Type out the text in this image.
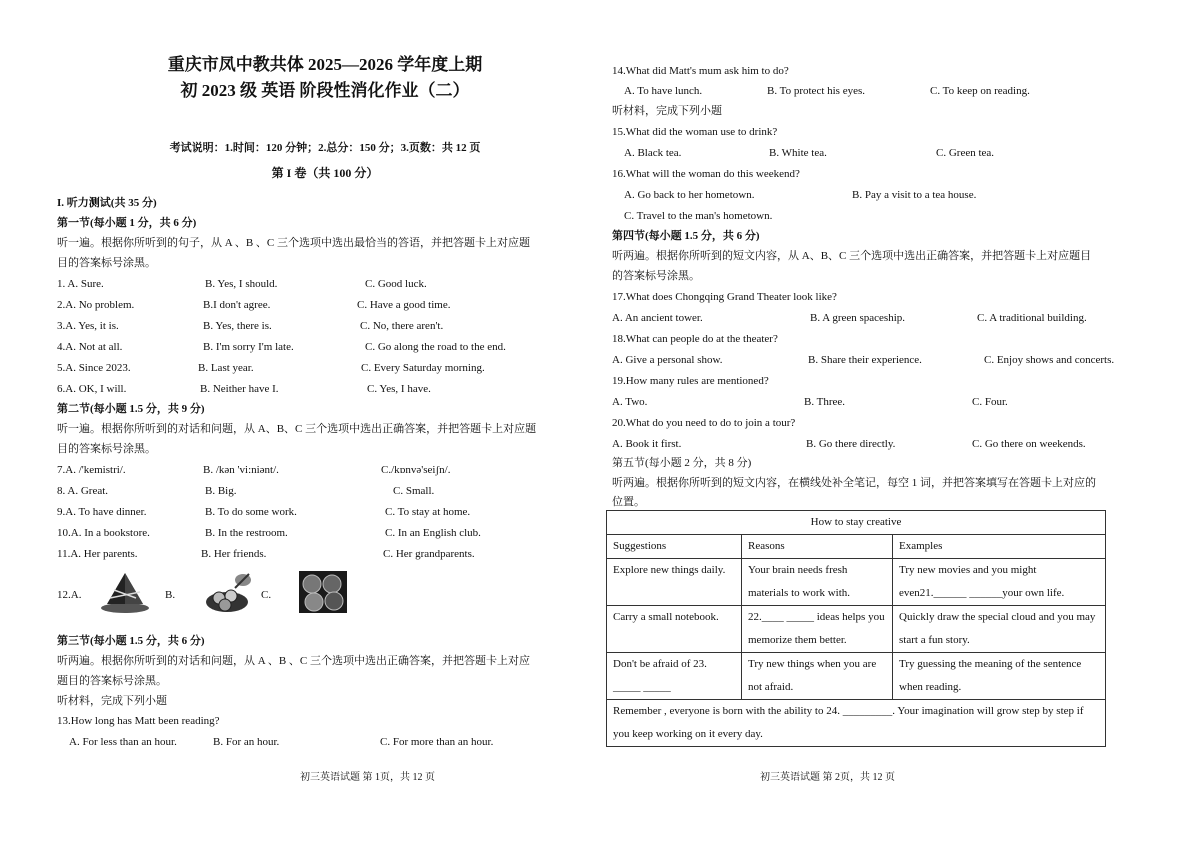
重庆市凤中教共体 2025—2026 学年度上期
初 2023 级 英语 阶段性消化作业（二）
考试说明：1.时间：120 分钟；2.总分：150 分；3.页数：共 12 页
第 I 卷（共 100 分）
I. 听力测试(共 35 分)
第一节(每小题 1 分，共 6 分)
听一遍。根据你所听到的句子，从 A 、B 、C 三个选项中选出最恰当的答语，并把答题卡上对应题
目的答案标号涂黑。
1. A. Sure.	B. Yes, I should.	C. Good luck.
2.A. No problem.	B.I don't agree.	C. Have a good time.
3.A. Yes, it is.	B. Yes, there is.	C. No, there aren't.
4.A. Not at all.	B. I'm sorry I'm late.	C. Go along the road to the end.
5.A. Since 2023.	B. Last year.	C. Every Saturday morning.
6.A. OK, I will.	B. Neither have I.	C. Yes, I have.
第二节(每小题 1.5 分，共 9 分)
听一遍。根据你所听到的对话和问题，从 A、B、C 三个选项中选出正确答案，并把答题卡上对应题
目的答案标号涂黑。
7.A. /'kemistri/.	B. /kən 'vi:niənt/.	C./kɒnvə'seiʃn/.
8. A. Great.	B. Big.	C. Small.
9.A. To have dinner.	B. To do some work.	C. To stay at home.
10.A. In a bookstore.	B. In the restroom.	C. In an English club.
11.A. Her parents.	B. Her friends.	C. Her grandparents.
12.A.	B.	C.
第三节(每小题 1.5 分，共 6 分)
听两遍。根据你所听到的对话和问题，从 A 、B 、C 三个选项中选出正确答案，并把答题卡上对应
题目的答案标号涂黑。
听材料，完成下列小题
13.How long has Matt been reading?
A. For less than an hour.	B. For an hour.	C. For more than an hour.
初三英语试题 第 1页，共 12 页
14.What did Matt's mum ask him to do?
A. To have lunch.	B. To protect his eyes.	C. To keep on reading.
听材料，完成下列小题
15.What did the woman use to drink?
A. Black tea.	B. White tea.	C. Green tea.
16.What will the woman do this weekend?
A. Go back to her hometown.	B. Pay a visit to a tea house.
C. Travel to the man's hometown.
第四节(每小题 1.5 分，共 6 分)
听两遍。根据你所听到的短文内容，从 A、B、C 三个选项中选出正确答案，并把答题卡上对应题目
的答案标号涂黑。
17.What does Chongqing Grand Theater look like?
A. An ancient tower.	B. A green spaceship.	C. A traditional building.
18.What can people do at the theater?
A. Give a personal show.	B. Share their experience.	C. Enjoy shows and concerts.
19.How many rules are mentioned?
A. Two.	B. Three.	C. Four.
20.What do you need to do to join a tour?
A. Book it first.	B. Go there directly.	C. Go there on weekends.
第五节(每小题 2 分，共 8 分)
听两遍。根据你所听到的短文内容，在横线处补全笔记，每空 1 词，并把答案填写在答题卡上对应的
位置。
How to stay creative		
Suggestions	Reasons	Examples
Explore new things daily.	Your brain needs fresh materials to work with.	Try new movies and you might even21.______ ______your own life.
Carry a small notebook.	22.____ _____ ideas helps you memorize them better.	Quickly draw the special cloud and you may start a fun story.
Don't be afraid of 23. _____ _____	Try new things when you are not afraid.	Try guessing the meaning of the sentence when reading.
Remember , everyone is born with the ability to 24. _________. Your imagination will grow step by step if you keep working on it every day.		
初三英语试题 第 2页，共 12 页
